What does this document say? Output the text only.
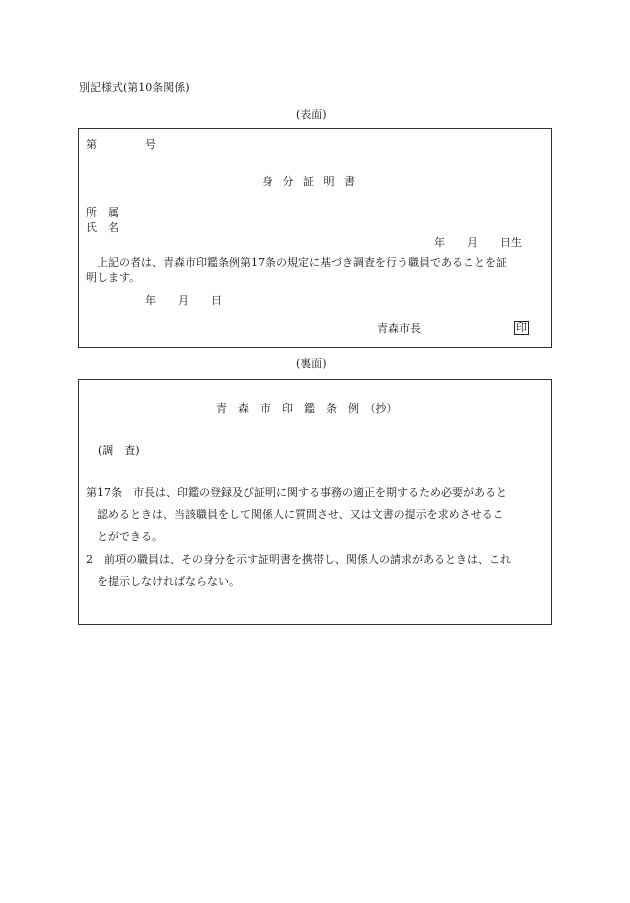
別記様式(第10条関係)
(表面)
第	号
身 分 証 明 書
所　属
氏　名
年　　月　　日生
上記の者は、青森市印鑑条例第17条の規定に基づき調査を行う職員であることを証
明します。
年　　月　　日
青森市長	印
(裏面)
青　森　市　印　鑑　条　例　（抄）
(調　査)
第17条　市長は、印鑑の登録及び証明に関する事務の適正を期するため必要があると
認めるときは、当該職員をして関係人に質問させ、又は文書の提示を求めさせるこ
とができる。
2　前項の職員は、その身分を示す証明書を携帯し、関係人の請求があるときは、これ
を提示しなければならない。
